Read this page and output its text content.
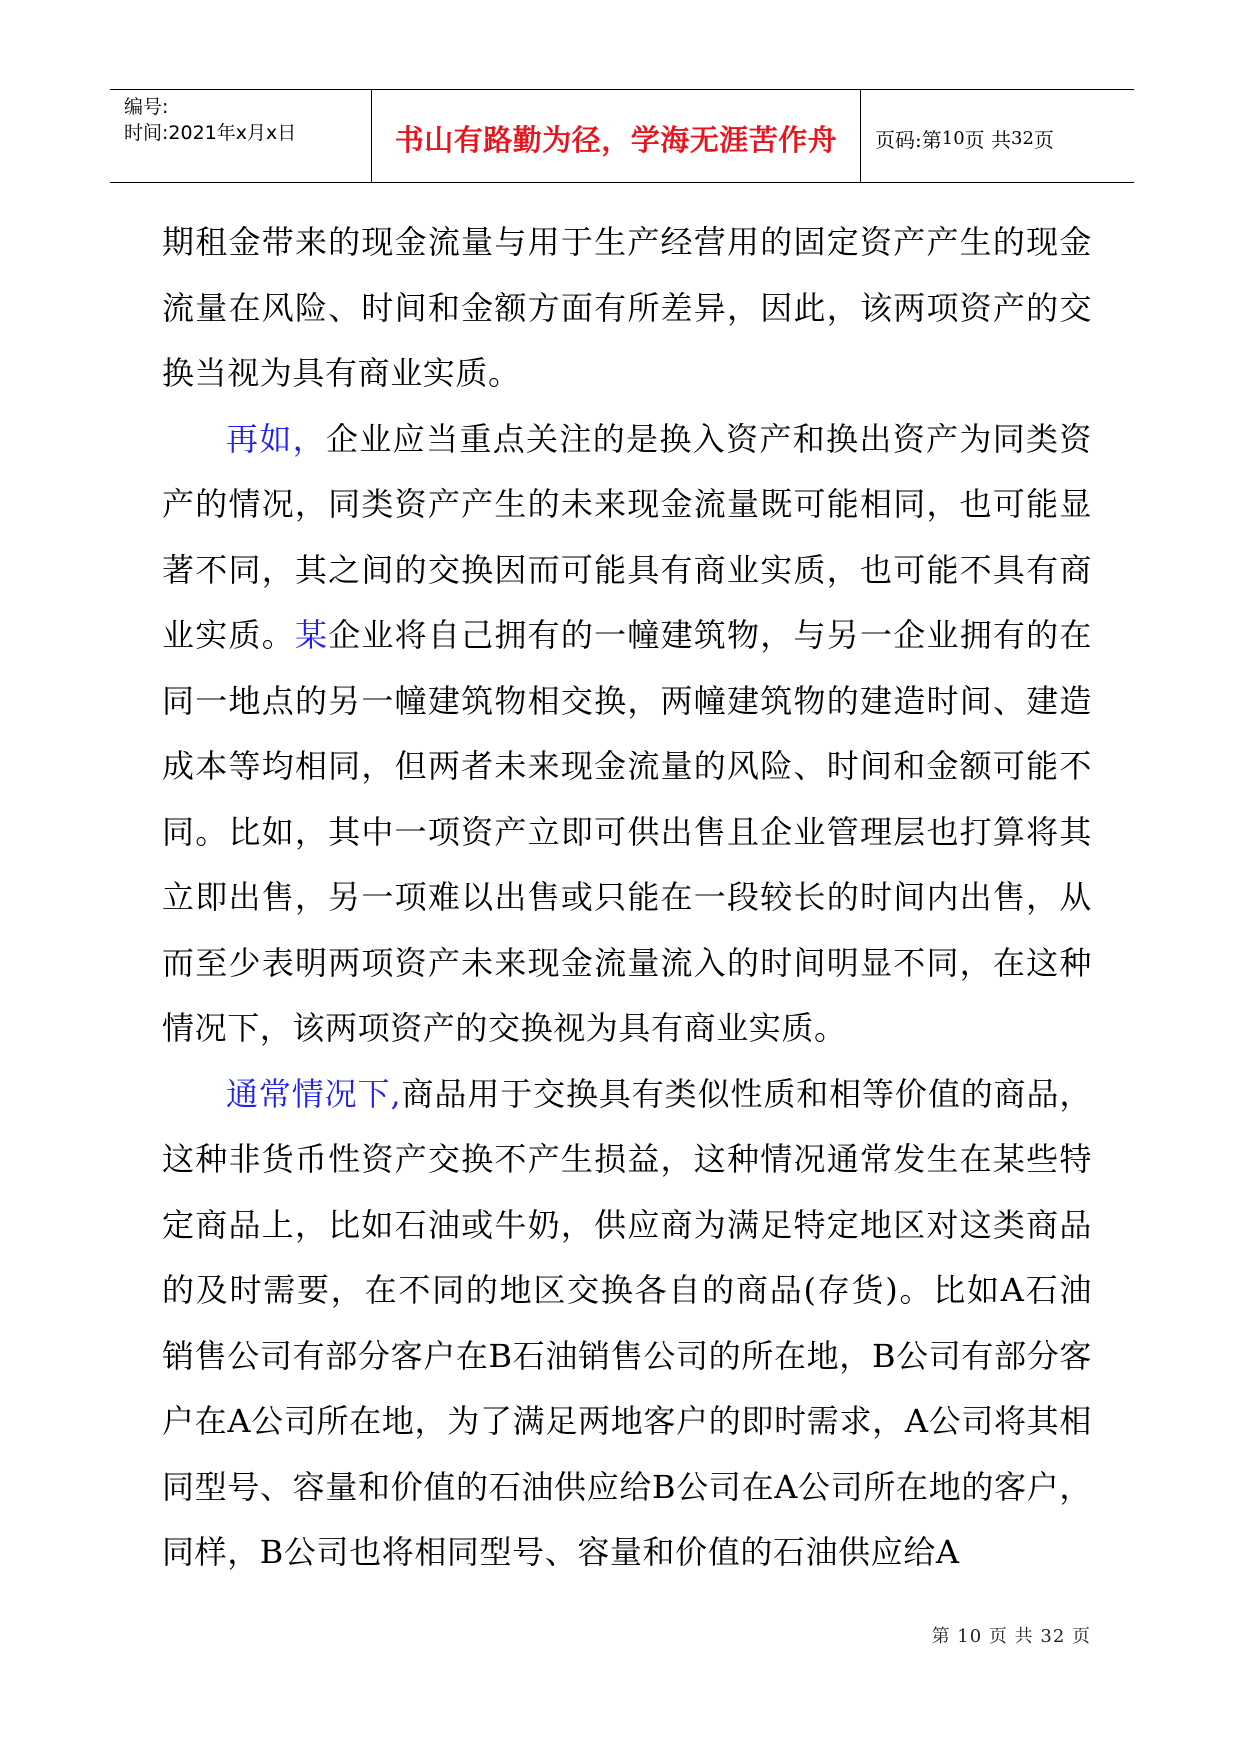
编号:
时间:2021年x月x日	书山有路勤为径，学海无涯苦作舟 页码:第 10 页 共 32 页

期租金带来的现金流量与用于生产经营用的固定资产产生的现金流量在风险、时间和金额方面有所差异，因此，该两项资产的交换当视为具有商业实质。

再如，企业应当重点关注的是换入资产和换出资产为同类资产的情况，同类资产产生的未来现金流量既可能相同，也可能显著不同，其之间的交换因而可能具有商业实质，也可能不具有商业实质。某企业将自己拥有的一幢建筑物，与另一企业拥有的在同一地点的另一幢建筑物相交换，两幢建筑物的建造时间、建造成本等均相同，但两者未来现金流量的风险、时间和金额可能不同。比如，其中一项资产立即可供出售且企业管理层也打算将其立即出售，另一项难以出售或只能在一段较长的时间内出售，从而至少表明两项资产未来现金流量流入的时间明显不同，在这种情况下，该两项资产的交换视为具有商业实质。

通常情况下,商品用于交换具有类似性质和相等价值的商品，这种非货币性资产交换不产生损益，这种情况通常发生在某些特定商品上，比如石油或牛奶，供应商为满足特定地区对这类商品的及时需要，在不同的地区交换各自的商品(存货)。比如A石油销售公司有部分客户在B石油销售公司的所在地，B公司有部分客户在A公司所在地，为了满足两地客户的即时需求，A公司将其相同型号、容量和价值的石油供应给B公司在A公司所在地的客户，同样，B公司也将相同型号、容量和价值的石油供应给A

第 10 页 共 32 页
